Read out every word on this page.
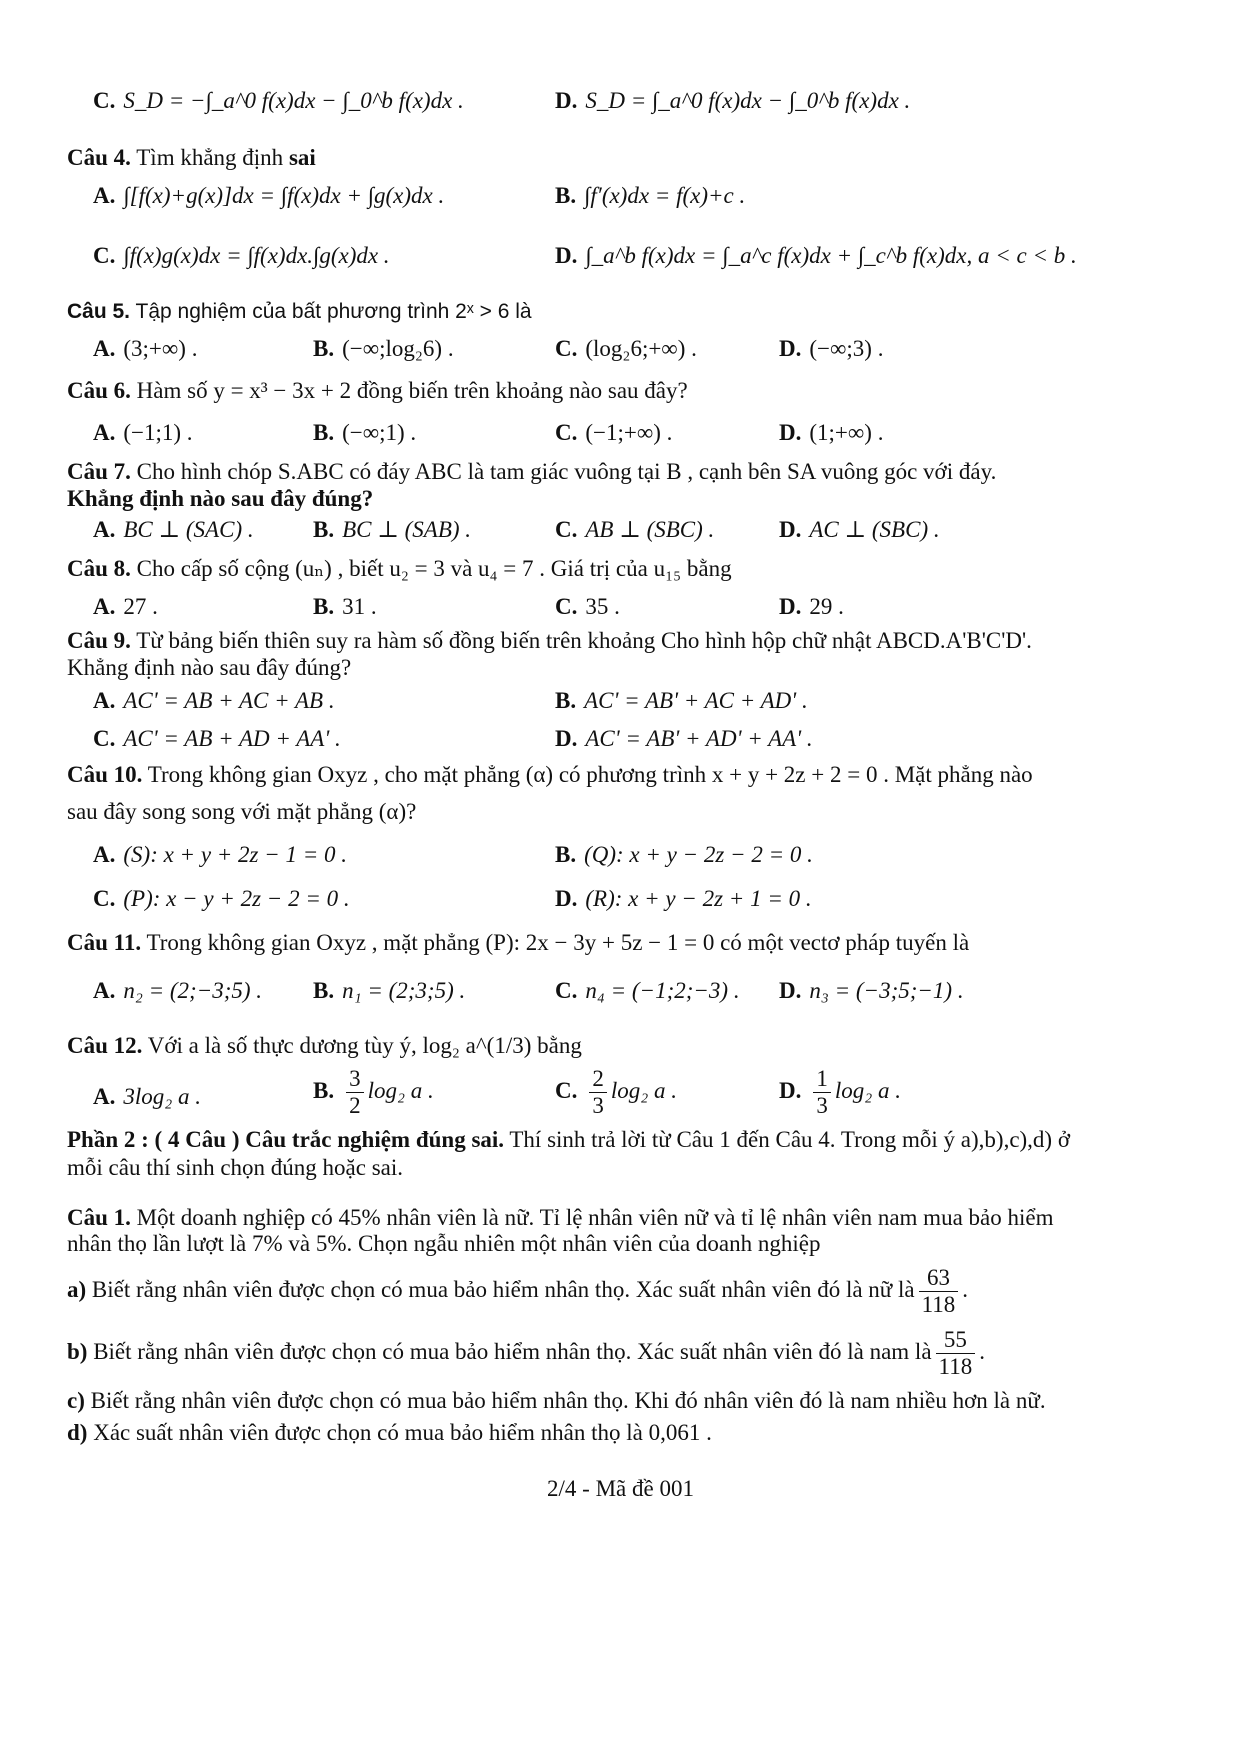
C. S_D = −∫_a^0 f(x)dx − ∫_0^b f(x)dx .	D. S_D = ∫_a^0 f(x)dx − ∫_0^b f(x)dx .
Câu 4. Tìm khẳng định sai
A. ∫[f(x)+g(x)]dx = ∫f(x)dx + ∫g(x)dx .	B. ∫f′(x)dx = f(x)+c .
C. ∫f(x)g(x)dx = ∫f(x)dx.∫g(x)dx .	D. ∫_a^b f(x)dx = ∫_a^c f(x)dx + ∫_c^b f(x)dx, a < c < b .
Câu 5. Tập nghiệm của bất phương trình 2ˣ > 6 là
A. (3;+∞) .	B. (−∞;log₂6) .	C. (log₂6;+∞) .	D. (−∞;3) .
Câu 6. Hàm số y = x³ − 3x + 2 đồng biến trên khoảng nào sau đây?
A. (−1;1) .	B. (−∞;1) .	C. (−1;+∞) .	D. (1;+∞) .
Câu 7. Cho hình chóp S.ABC có đáy ABC là tam giác vuông tại B , cạnh bên SA vuông góc với đáy.
Khẳng định nào sau đây đúng?
A. BC ⊥ (SAC) .	B. BC ⊥ (SAB) .	C. AB ⊥ (SBC) .	D. AC ⊥ (SBC) .
Câu 8. Cho cấp số cộng (uₙ) , biết u₂ = 3 và u₄ = 7 . Giá trị của u₁₅ bằng
A. 27 .	B. 31 .	C. 35 .	D. 29 .
Câu 9. Từ bảng biến thiên suy ra hàm số đồng biến trên khoảng Cho hình hộp chữ nhật ABCD.A'B'C'D'.
Khẳng định nào sau đây đúng?
A. AC' = AB + AC + AB .	B. AC' = AB' + AC + AD' .
C. AC' = AB + AD + AA' .	D. AC' = AB' + AD' + AA' .
Câu 10. Trong không gian Oxyz , cho mặt phẳng (α) có phương trình x + y + 2z + 2 = 0 . Mặt phẳng nào
sau đây song song với mặt phẳng (α)?
A. (S): x + y + 2z − 1 = 0 .	B. (Q): x + y − 2z − 2 = 0 .
C. (P): x − y + 2z − 2 = 0 .	D. (R): x + y − 2z + 1 = 0 .
Câu 11. Trong không gian Oxyz , mặt phẳng (P): 2x − 3y + 5z − 1 = 0 có một vectơ pháp tuyến là
A. n₂ = (2;−3;5) . B. n₁ = (2;3;5) .	C. n₄ = (−1;2;−3) . D. n₃ = (−3;5;−1) .
Câu 12. Với a là số thực dương tùy ý, log₂ a^(1/3) bằng
A. 3log₂ a .	B. $\frac{3}{2} \log_2$ a .	C. $\frac{2}{3} \log_2$ a .	D. $\frac{1}{3} \log_2$ a .
Phần 2 : ( 4 Câu ) Câu trắc nghiệm đúng sai. Thí sinh trả lời từ Câu 1 đến Câu 4. Trong mỗi ý a),b),c),d) ở
mỗi câu thí sinh chọn đúng hoặc sai.
Câu 1. Một doanh nghiệp có 45% nhân viên là nữ. Tỉ lệ nhân viên nữ và tỉ lệ nhân viên nam mua bảo hiểm
nhân thọ lần lượt là 7% và 5%. Chọn ngẫu nhiên một nhân viên của doanh nghiệp
a) Biết rằng nhân viên được chọn có mua bảo hiểm nhân thọ. Xác suất nhân viên đó là nữ là $\frac{63}{118}$ .
b) Biết rằng nhân viên được chọn có mua bảo hiểm nhân thọ. Xác suất nhân viên đó là nam là $\frac{55}{118}$ .
c) Biết rằng nhân viên được chọn có mua bảo hiểm nhân thọ. Khi đó nhân viên đó là nam nhiều hơn là nữ.
d) Xác suất nhân viên được chọn có mua bảo hiểm nhân thọ là 0,061 .
2/4 - Mã đề 001
